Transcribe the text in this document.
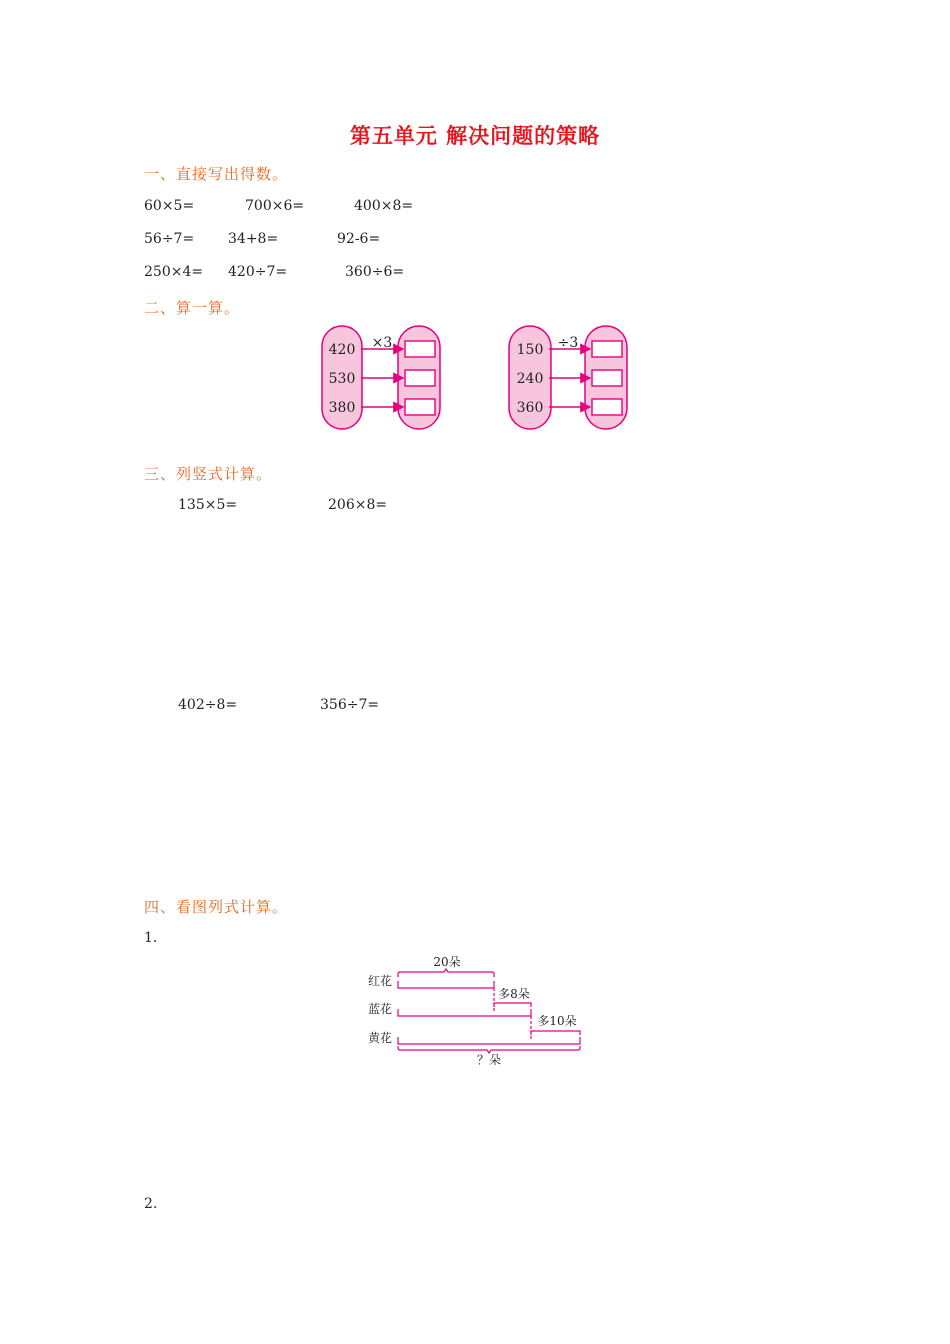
第五单元 解决问题的策略
一、直接写出得数。
60×5=	700×6=	400×8=
56÷7= 34+8=	92-6=
250×4= 420÷7=	360÷6=
二、算一算。
×3
420
530
380
÷3
150
240
360
三、列竖式计算。
135×5=	206×8=
402÷8=	356÷7=
四、看图列式计算。
1.
红花
蓝花
黄花
20朵
多8朵
多10朵
？朵
2.
